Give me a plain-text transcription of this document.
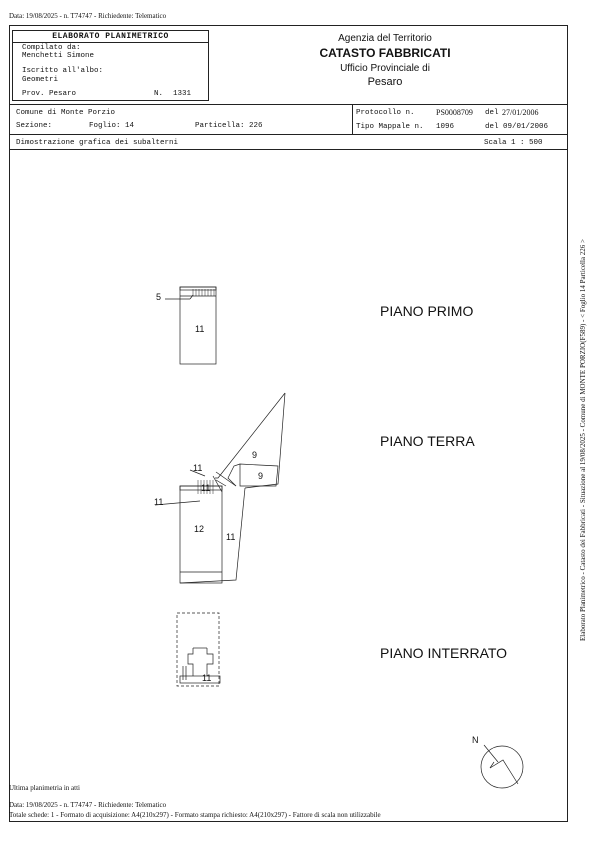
Data: 19/08/2025 - n. T74747 - Richiedente: Telematico
ELABORATO PLANIMETRICO
Compilato da:
Menchetti Simone
Iscritto all'albo:
Geometri
Prov. Pesaro	N. 1331
Agenzia del Territorio
CATASTO FABBRICATI
Ufficio Provinciale di
Pesaro
Comune di Monte Porzio
Sezione:	Foglio: 14	Particella: 226
Protocollo n.	PS0008709 del 27/01/2006
Tipo Mappale n. 1096	del 09/01/2006
Dimostrazione grafica dei subalterni	Scala 1 : 500
PIANO PRIMO
PIANO TERRA
PIANO INTERRATO
5
11
9
9
11
11
11
11
12
11
N
Elaborato Planimetrico - Catasto dei Fabbricati - Situazione al 19/08/2025 - Comune di MONTE PORZIO(F589) - < Foglio 14 Particella 226 >
Ultima planimetria in atti
Data: 19/08/2025 - n. T74747 - Richiedente: Telematico
Totale schede: 1 - Formato di acquisizione: A4(210x297) - Formato stampa richiesto: A4(210x297) - Fattore di scala non utilizzabile
